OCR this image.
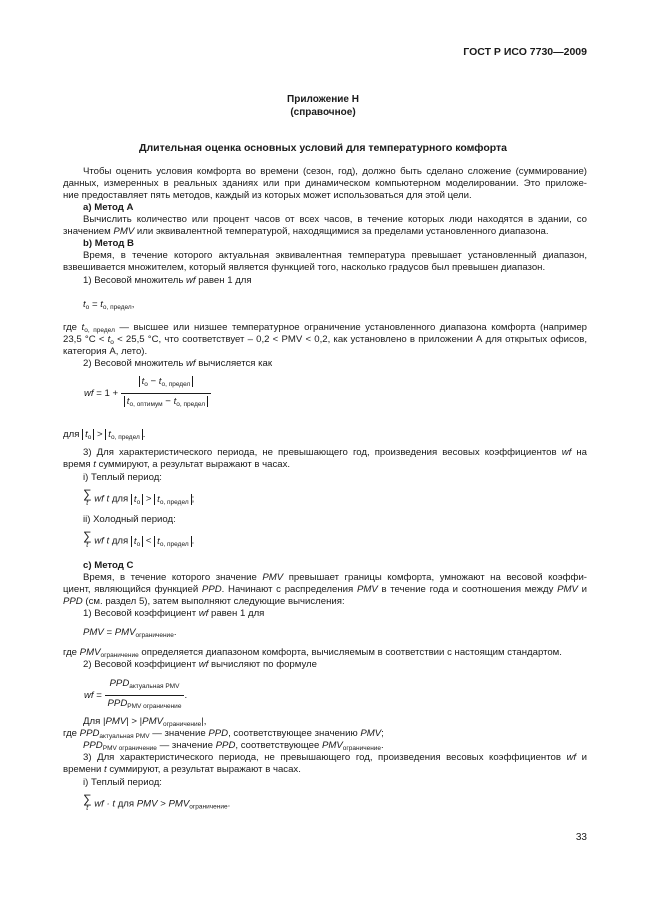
ГОСТ Р ИСО 7730—2009
Приложение Н
(справочное)
Длительная оценка основных условий для температурного комфорта
Чтобы оценить условия комфорта во времени (сезон, год), должно быть сделано сложение (суммирование)
данных, измеренных в реальных зданиях или при динамическом компьютерном моделировании. Это приложе-
ние предоставляет пять методов, каждый из которых может использоваться для этой цели.
a) Метод А
Вычислить количество или процент часов от всех часов, в течение которых люди находятся в здании, со
значением PMV или эквивалентной температурой, находящимися за пределами установленного диапазона.
b) Метод В
Время, в течение которого актуальная эквивалентная температура превышает установленный диапазон,
взвешивается множителем, который является функцией того, насколько градусов был превышен диапазон.
1) Весовой множитель wf равен 1 для
$t_o = t_{o, предел}$,
где $t_{o, предел}$ — высшее или низшее температурное ограничение установленного диапазона комфорта (например
23,5 $^\circ C < t_o < 25,5$ °C, что соответствует – 0,2 < PMV < 0,2, как установлено в приложении А для открытых офисов,
категория А, лето).
2) Весовой множитель wf вычисляется как
wf = $1 + \frac{t_o - t_{o, предел}}{t_{o, оптимум} - t_{o, предел}}$
для $t_o > t_{o, предел}$ .
3) Для характеристического периода, не превышающего год, произведения весовых коэффициентов wf на
время t суммируют, а результат выражают в часах.
i) Теплый период:
∑
t wf t для $t_o > t_{o, предел}$ ;
ii) Холодный период:
∑
t wf t для $t_o < t_{o, предел}$ .
c) Метод С
Время, в течение которого значение PMV превышает границы комфорта, умножают на весовой коэффи-
циент, являющийся функцией PPD. Начинают с распределения PMV в течение года и соотношения между PMV и
PPD (см. раздел 5), затем выполняют следующие вычисления:
1) Весовой коэффициент wf равен 1 для
PMV = $PMV_{ограничение}$.
где $PMV_{ограничение}$ определяется диапазоном комфорта, вычисляемым в соответствии с настоящим стандартом.
2) Весовой коэффициент wf вычисляют по формуле
wf = $\frac{PPD_{актуальная PMV}}{PPD_{PMV ограничение}}$ .
Для $|PMV| > |PMV_{ограничение}|$,
где $PPD_{актуальная PMV}$ — значение PPD, соответствующее значению PMV;
$PPD_{PMV ограничение}$ — значение PPD, соответствующее $PMV_{ограничение}$.
3) Для характеристического периода, не превышающего год, произведения весовых коэффициентов wf и
времени t суммируют, а результат выражают в часах.
i) Теплый период:
∑
t wf · t для PMV > $PMV_{ограничение}$.
33
